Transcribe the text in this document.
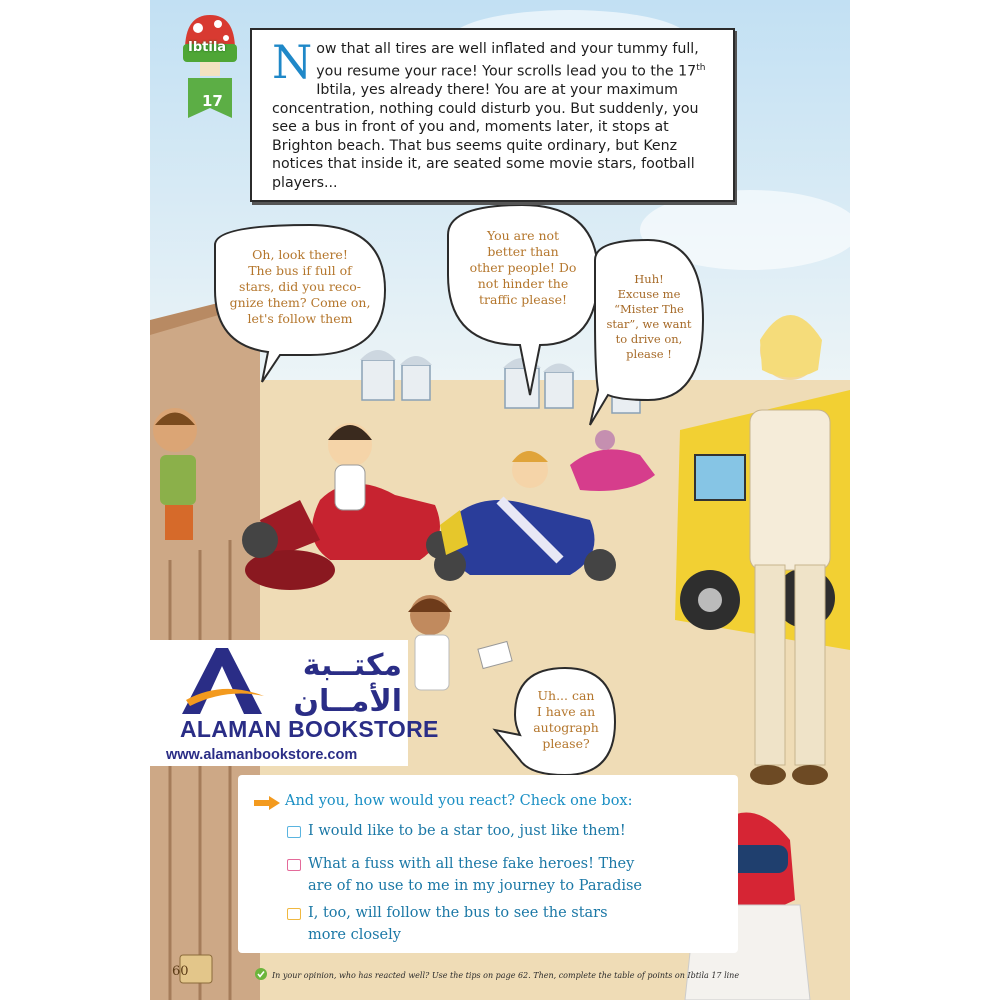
Ibtila
17

Now that all tires are well inflated and your tummy full, you resume your race! Your scrolls lead you to the 17th Ibtila, yes already there! You are at your maximum concentration, nothing could disturb you. But suddenly, you see a bus in front of you and, moments later, it stops at Brighton beach. That bus seems quite ordinary, but Kenz notices that inside it, are seated some movie stars, football players...

Oh, look there!
The bus if full of
stars, did you reco-
gnize them? Come on,
let's follow them
You are not
better than
other people! Do
not hinder the
traffic please!
Huh!
Excuse me
“Mister The
star”, we want
to drive on,
please !
Uh... can
I have an
autograph
please?
And you, how would you react? Check one box:
I would like to be a star too, just like them!
What a fuss with all these fake heroes! They
are of no use to me in my journey to Paradise
I, too, will follow the bus to see the stars
more closely
60	In your opinion, who has reacted well? Use the tips on page 62. Then, complete the table of points on Ibtila 17 line
مكتــبة
الأمــان
ALAMAN BOOKSTORE
www.alamanbookstore.com
